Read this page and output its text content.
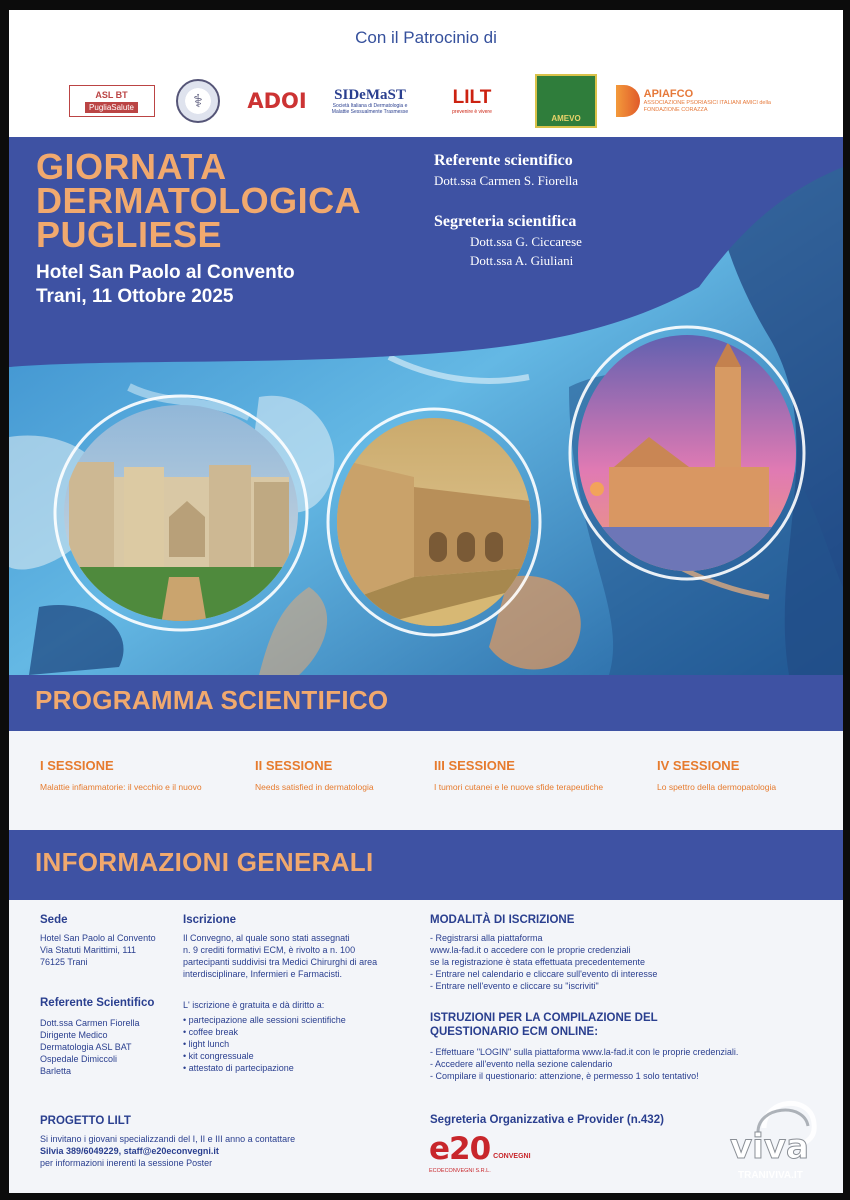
Con il Patrocinio di
ASL BT
PugliaSalute	⚕	ADOI	SIDeMaST
Società Italiana di Dermatologia e Malattie Sessualmente Trasmesse
LILT
prevenire è vivere
AMEVO
APIAFCO
ASSOCIAZIONE PSORIASICI ITALIANI AMICI della FONDAZIONE CORAZZA
GIORNATA
DERMATOLOGICA
PUGLIESE
Hotel San Paolo al Convento
Trani, 11 Ottobre 2025
Referente scientifico
Dott.ssa Carmen S. Fiorella
Segreteria scientifica
Dott.ssa G. Ciccarese
Dott.ssa A. Giuliani
PROGRAMMA SCIENTIFICO
I SESSIONE
Malattie infiammatorie: il vecchio e il nuovo
II SESSIONE
Needs satisfied in dermatologia
III SESSIONE
I tumori cutanei e le nuove sfide terapeutiche
IV SESSIONE
Lo spettro della dermopatologia
INFORMAZIONI GENERALI
Sede
Hotel San Paolo al Convento
Via Statuti Marittimi, 111
76125 Trani
Referente Scientifico
Dott.ssa Carmen Fiorella
Dirigente Medico
Dermatologia ASL BAT
Ospedale Dimiccoli
Barletta
Iscrizione
Il Convegno, al quale sono stati assegnati
n. 9 crediti formativi ECM, è rivolto a n. 100
partecipanti suddivisi tra Medici Chirurghi di area
interdisciplinare, Infermieri e Farmacisti.
L' iscrizione è gratuita e dà diritto a:
• partecipazione alle sessioni scientifiche
• coffee break
• light lunch
• kit congressuale
• attestato di partecipazione
MODALITÀ DI ISCRIZIONE
- Registrarsi alla piattaforma
www.la-fad.it o accedere con le proprie credenziali
se la registrazione è stata effettuata precedentemente
- Entrare nel calendario e cliccare sull'evento di interesse
- Entrare nell'evento e cliccare su "iscriviti"
ISTRUZIONI PER LA COMPILAZIONE DEL
QUESTIONARIO ECM ONLINE:
- Effettuare "LOGIN" sulla piattaforma www.la-fad.it con le proprie credenziali.
- Accedere all'evento nella sezione calendario
- Compilare il questionario: attenzione, è permesso 1 solo tentativo!
PROGETTO LILT
Si invitano i giovani specializzandi del I, II e III anno a contattare
Silvia 389/6049229, staff@e20econvegni.it
per informazioni inerenti la sessione Poster
Segreteria Organizzativa e Provider (n.432)
e20 CONVEGNI
ECOECONVEGNI S.R.L.
viva
TRANIVIVA.IT
